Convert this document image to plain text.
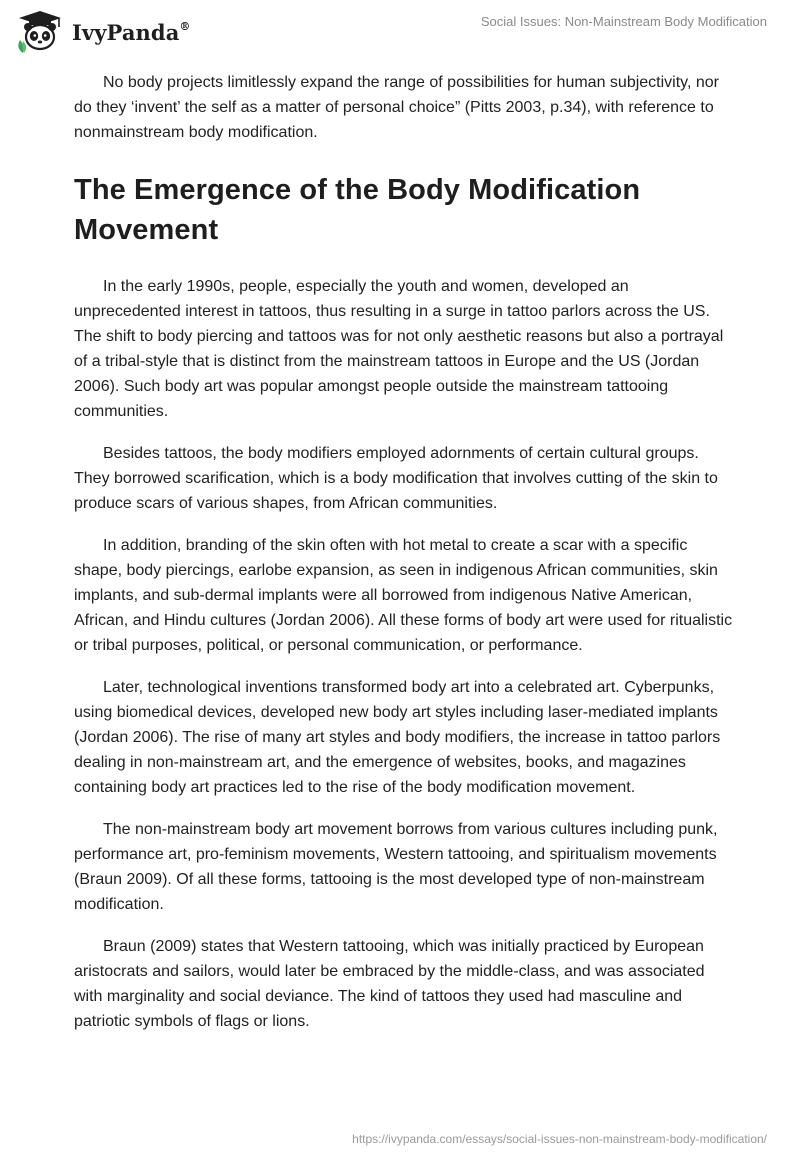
IvyPanda®	Social Issues: Non-Mainstream Body Modification

No body projects limitlessly expand the range of possibilities for human subjectivity, nor do they ‘invent’ the self as a matter of personal choice” (Pitts 2003, p.34), with reference to nonmainstream body modification.

The Emergence of the Body Modification Movement

In the early 1990s, people, especially the youth and women, developed an unprecedented interest in tattoos, thus resulting in a surge in tattoo parlors across the US. The shift to body piercing and tattoos was for not only aesthetic reasons but also a portrayal of a tribal-style that is distinct from the mainstream tattoos in Europe and the US (Jordan 2006). Such body art was popular amongst people outside the mainstream tattooing communities.

Besides tattoos, the body modifiers employed adornments of certain cultural groups. They borrowed scarification, which is a body modification that involves cutting of the skin to produce scars of various shapes, from African communities.

In addition, branding of the skin often with hot metal to create a scar with a specific shape, body piercings, earlobe expansion, as seen in indigenous African communities, skin implants, and sub-dermal implants were all borrowed from indigenous Native American, African, and Hindu cultures (Jordan 2006). All these forms of body art were used for ritualistic or tribal purposes, political, or personal communication, or performance.

Later, technological inventions transformed body art into a celebrated art. Cyberpunks, using biomedical devices, developed new body art styles including laser-mediated implants (Jordan 2006). The rise of many art styles and body modifiers, the increase in tattoo parlors dealing in non-mainstream art, and the emergence of websites, books, and magazines containing body art practices led to the rise of the body modification movement.

The non-mainstream body art movement borrows from various cultures including punk, performance art, pro-feminism movements, Western tattooing, and spiritualism movements (Braun 2009). Of all these forms, tattooing is the most developed type of non-mainstream modification.

Braun (2009) states that Western tattooing, which was initially practiced by European aristocrats and sailors, would later be embraced by the middle-class, and was associated with marginality and social deviance. The kind of tattoos they used had masculine and patriotic symbols of flags or lions.

https://ivypanda.com/essays/social-issues-non-mainstream-body-modification/
